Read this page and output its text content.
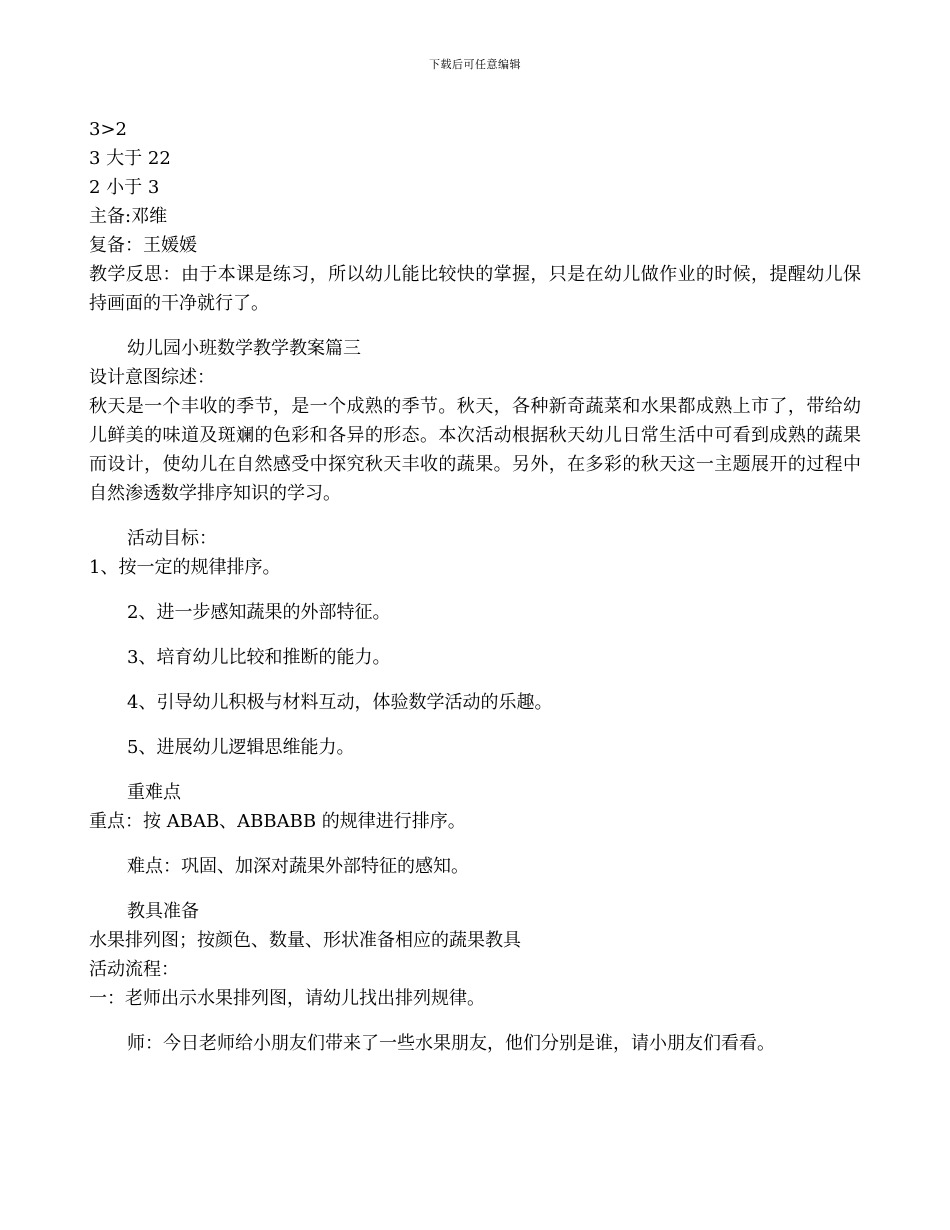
下载后可任意编辑
3>2
3 大于 22
2 小于 3
主备:邓维
复备：王媛媛
教学反思：由于本课是练习，所以幼儿能比较快的掌握，只是在幼儿做作业的时候，提醒幼儿保持画面的干净就行了。
幼儿园小班数学教学教案篇三
设计意图综述：
秋天是一个丰收的季节，是一个成熟的季节。秋天，各种新奇蔬菜和水果都成熟上市了，带给幼儿鲜美的味道及斑斓的色彩和各异的形态。本次活动根据秋天幼儿日常生活中可看到成熟的蔬果而设计，使幼儿在自然感受中探究秋天丰收的蔬果。另外，在多彩的秋天这一主题展开的过程中自然渗透数学排序知识的学习。
活动目标：
1、按一定的规律排序。
2、进一步感知蔬果的外部特征。
3、培育幼儿比较和推断的能力。
4、引导幼儿积极与材料互动，体验数学活动的乐趣。
5、进展幼儿逻辑思维能力。
重难点
重点：按 ABAB、ABBABB 的规律进行排序。
难点：巩固、加深对蔬果外部特征的感知。
教具准备
水果排列图；按颜色、数量、形状准备相应的蔬果教具
活动流程：
一：老师出示水果排列图，请幼儿找出排列规律。
师：今日老师给小朋友们带来了一些水果朋友，他们分别是谁，请小朋友们看看。
